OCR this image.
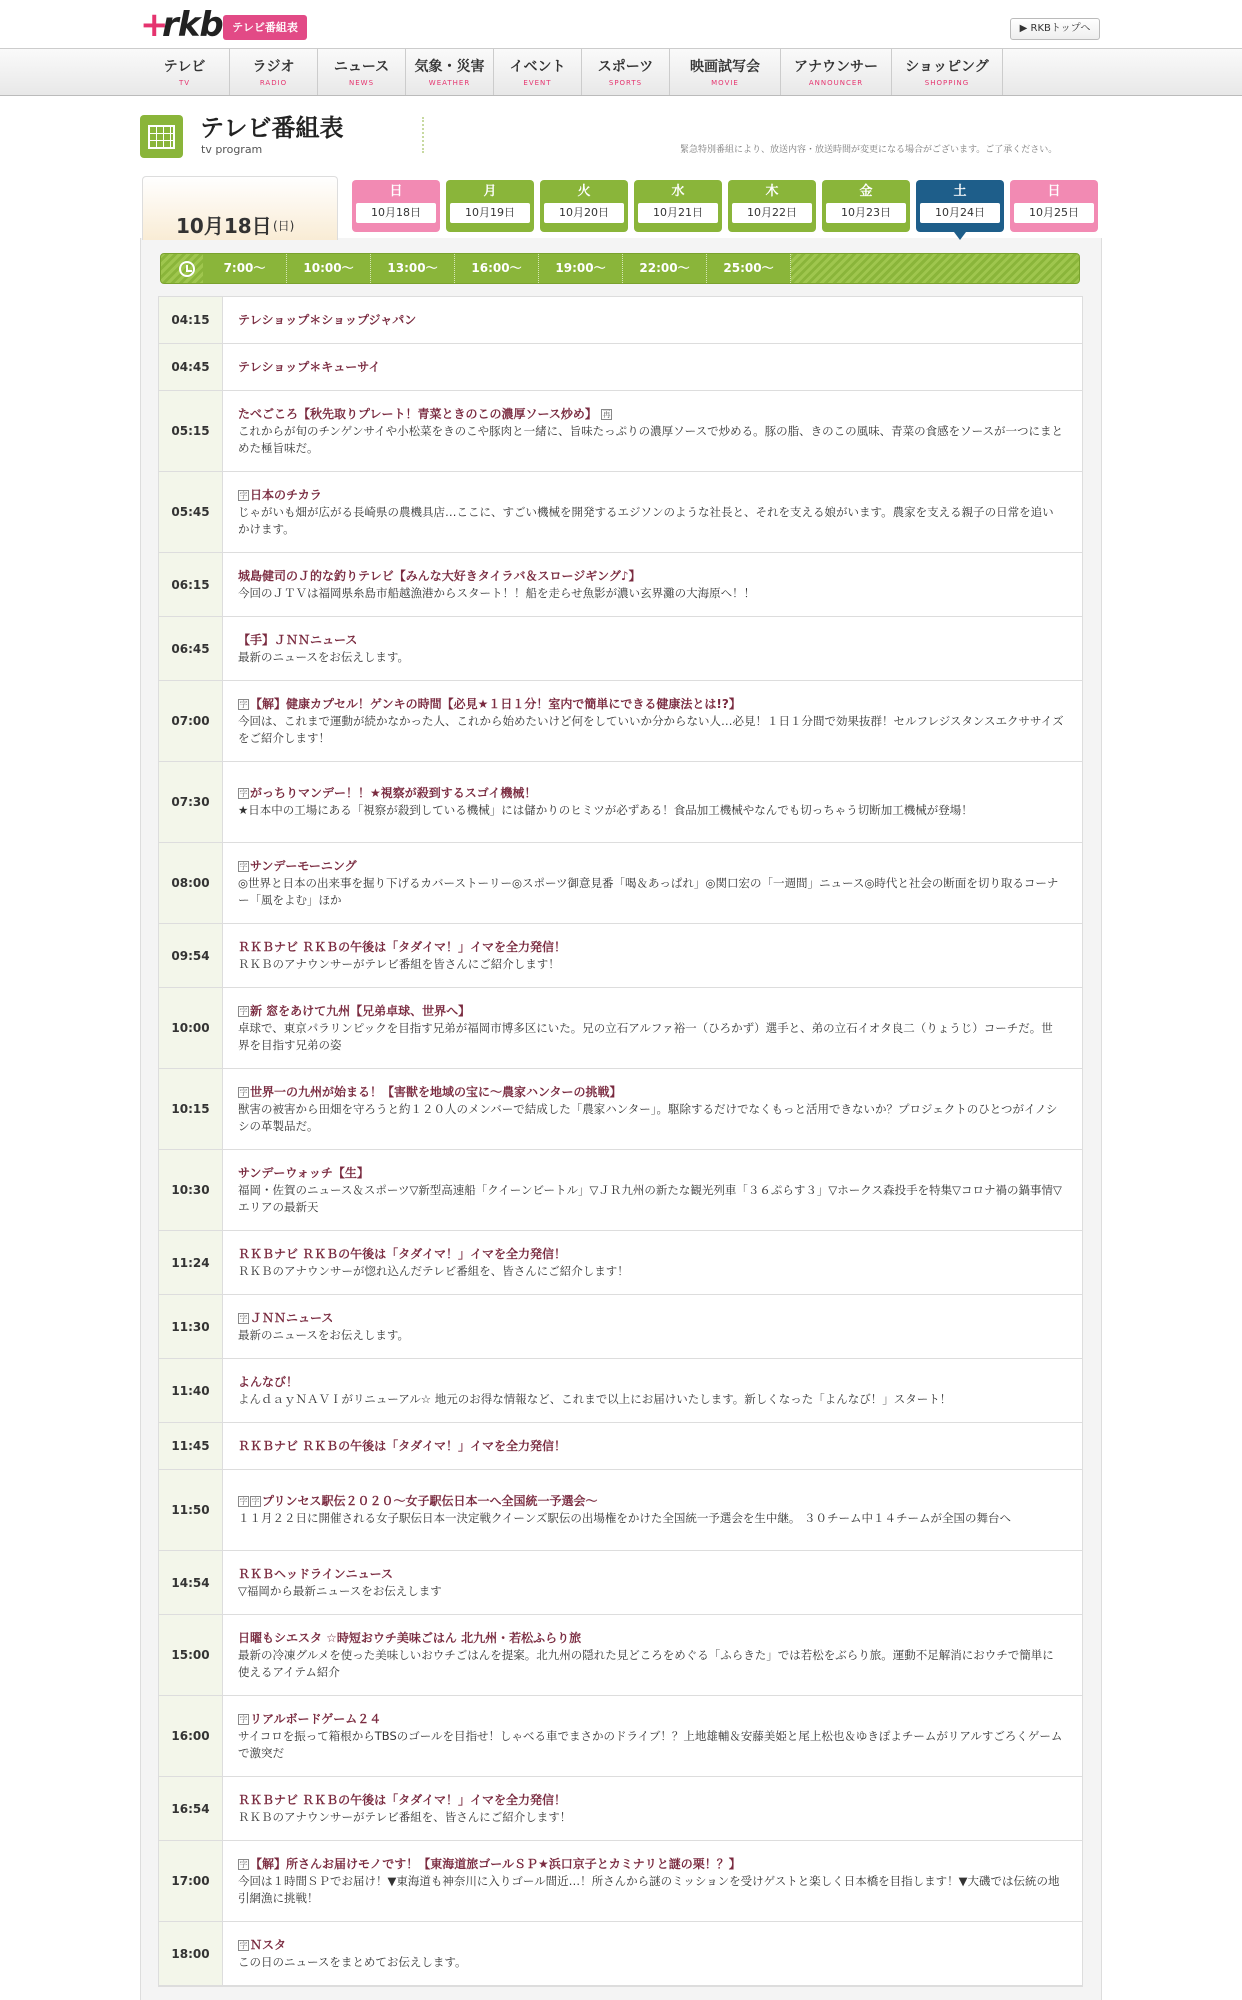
+
rkb テレビ番組表	▶ RKBトップへ
テレビ
TV
ラジオ
RADIO
ニュース
NEWS
気象・災害
WEATHER
イベント
EVENT
スポーツ
SPORTS
映画試写会
MOVIE
アナウンサー
ANNOUNCER
ショッピング
SHOPPING
テレビ番組表
tv program	緊急特別番組により、放送内容・放送時間が変更になる場合がございます。ご了承ください。
10月18日 (日)
日
10月18日
月
10月19日
火
10月20日
水
10月21日
木
10月22日
金
10月23日
土
10月24日
日
10月25日
7:00～	10:00～	13:00～	16:00～	19:00～	22:00～	25:00～
04:15	テレショップ＊ショップジャパン
04:45	テレショップ＊キューサイ
05:15
たべごころ【秋先取りプレート！青菜ときのこの濃厚ソース炒め】 再
これからが旬のチンゲンサイや小松菜をきのこや豚肉と一緒に、旨味たっぷりの濃厚ソースで炒める。豚の脂、きのこの風味、青菜の食感をソースが一つにまとめた極旨味だ。
05:45
字 日本のチカラ
じゃがいも畑が広がる長崎県の農機具店…ここに、すごい機械を開発するエジソンのような社長と、それを支える娘がいます。農家を支える親子の日常を追いかけます。
06:15
城島健司のＪ的な釣りテレビ【みんな大好きタイラバ＆スロージギング♪】
今回のＪＴＶは福岡県糸島市船越漁港からスタート！！船を走らせ魚影が濃い玄界灘の大海原へ！！
06:45
【手】ＪＮＮニュース
最新のニュースをお伝えします。
07:00
字 【解】健康カプセル！ゲンキの時間【必見★１日１分！室内で簡単にできる健康法とは!?】
今回は、これまで運動が続かなかった人、これから始めたいけど何をしていいか分からない人…必見！１日１分間で効果抜群！セルフレジスタンスエクササイズをご紹介します！
07:30
字 がっちりマンデー！！★視察が殺到するスゴイ機械！
★日本中の工場にある「視察が殺到している機械」には儲かりのヒミツが必ずある！食品加工機械やなんでも切っちゃう切断加工機械が登場！
08:00
字 サンデーモーニング
◎世界と日本の出来事を掘り下げるカバーストーリー◎スポーツ御意見番「喝＆あっぱれ」◎関口宏の「一週間」ニュース◎時代と社会の断面を切り取るコーナー「風をよむ」ほか
09:54
ＲＫＢナビ ＲＫＢの午後は「タダイマ！」イマを全力発信！
ＲＫＢのアナウンサーがテレビ番組を皆さんにご紹介します！
10:00
字 新 窓をあけて九州【兄弟卓球、世界へ】
卓球で、東京パラリンピックを目指す兄弟が福岡市博多区にいた。兄の立石アルファ裕一（ひろかず）選手と、弟の立石イオタ良二（りょうじ）コーチだ。世界を目指す兄弟の姿
10:15
字 世界一の九州が始まる！【害獣を地域の宝に～農家ハンターの挑戦】
獣害の被害から田畑を守ろうと約１２０人のメンバーで結成した「農家ハンター」。駆除するだけでなくもっと活用できないか？プロジェクトのひとつがイノシシの革製品だ。
10:30
サンデーウォッチ【生】
福岡・佐賀のニュース＆スポーツ▽新型高速船「クイーンビートル」▽ＪＲ九州の新たな観光列車「３６ぷらす３」▽ホークス森投手を特集▽コロナ禍の鍋事情▽エリアの最新天
11:24
ＲＫＢナビ ＲＫＢの午後は「タダイマ！」イマを全力発信！
ＲＫＢのアナウンサーが惚れ込んだテレビ番組を、皆さんにご紹介します！
11:30
字 ＪＮＮニュース
最新のニュースをお伝えします。
11:40
よんなび！
よんｄａｙＮＡＶＩがリニューアル☆ 地元のお得な情報など、これまで以上にお届けいたします。新しくなった「よんなび！」スタート！
11:45	ＲＫＢナビ ＲＫＢの午後は「タダイマ！」イマを全力発信！
11:50
字 字 プリンセス駅伝２０２０～女子駅伝日本一へ全国統一予選会～
１１月２２日に開催される女子駅伝日本一決定戦クイーンズ駅伝の出場権をかけた全国統一予選会を生中継。 ３０チーム中１４チームが全国の舞台へ
14:54
ＲＫＢヘッドラインニュース
▽福岡から最新ニュースをお伝えします
15:00
日曜もシエスタ ☆時短おウチ美味ごはん 北九州・若松ふらり旅
最新の冷凍グルメを使った美味しいおウチごはんを提案。北九州の隠れた見どころをめぐる「ふらきた」では若松をぶらり旅。運動不足解消におウチで簡単に使えるアイテム紹介
16:00
字 リアルボードゲーム２４
サイコロを振って箱根からTBSのゴールを目指せ！しゃべる車でまさかのドライブ！？上地雄輔＆安藤美姫と尾上松也＆ゆきぽよチームがリアルすごろくゲームで激突だ
16:54
ＲＫＢナビ ＲＫＢの午後は「タダイマ！」イマを全力発信！
ＲＫＢのアナウンサーがテレビ番組を、皆さんにご紹介します！
17:00
字 【解】所さんお届けモノです！【東海道旅ゴールＳＰ★浜口京子とカミナリと謎の栗！？】
今回は１時間ＳＰでお届け！▼東海道も神奈川に入りゴール間近…！所さんから謎のミッションを受けゲストと楽しく日本橋を目指します！▼大磯では伝統の地引網漁に挑戦！
18:00
字 Ｎスタ
この日のニュースをまとめてお伝えします。
